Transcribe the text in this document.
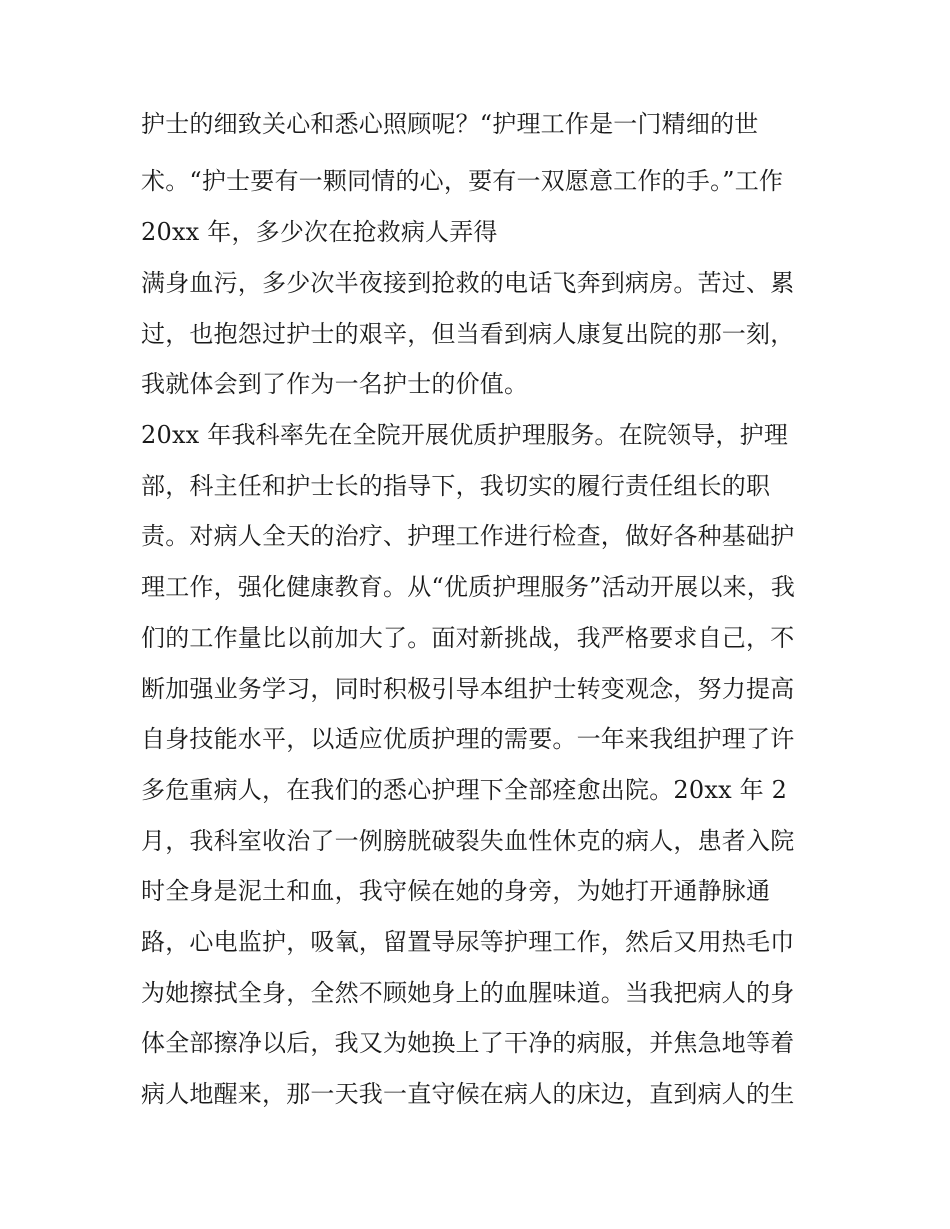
护士的细致关心和悉心照顾呢？“护理工作是一门精细的世
术。“护士要有一颗同情的心，要有一双愿意工作的手。”工作
20xx 年，多少次在抢救病人弄得
满身血污，多少次半夜接到抢救的电话飞奔到病房。苦过、累
过，也抱怨过护士的艰辛，但当看到病人康复出院的那一刻，
我就体会到了作为一名护士的价值。
20xx 年我科率先在全院开展优质护理服务。在院领导，护理
部，科主任和护士长的指导下，我切实的履行责任组长的职
责。对病人全天的治疗、护理工作进行检查，做好各种基础护
理工作，强化健康教育。从“优质护理服务”活动开展以来，我
们的工作量比以前加大了。面对新挑战，我严格要求自己，不
断加强业务学习，同时积极引导本组护士转变观念，努力提高
自身技能水平，以适应优质护理的需要。一年来我组护理了许
多危重病人，在我们的悉心护理下全部痊愈出院。20xx 年 2
月，我科室收治了一例膀胱破裂失血性休克的病人，患者入院
时全身是泥土和血，我守候在她的身旁，为她打开通静脉通
路，心电监护，吸氧，留置导尿等护理工作，然后又用热毛巾
为她擦拭全身，全然不顾她身上的血腥味道。当我把病人的身
体全部擦净以后，我又为她换上了干净的病服，并焦急地等着
病人地醒来，那一天我一直守候在病人的床边，直到病人的生
